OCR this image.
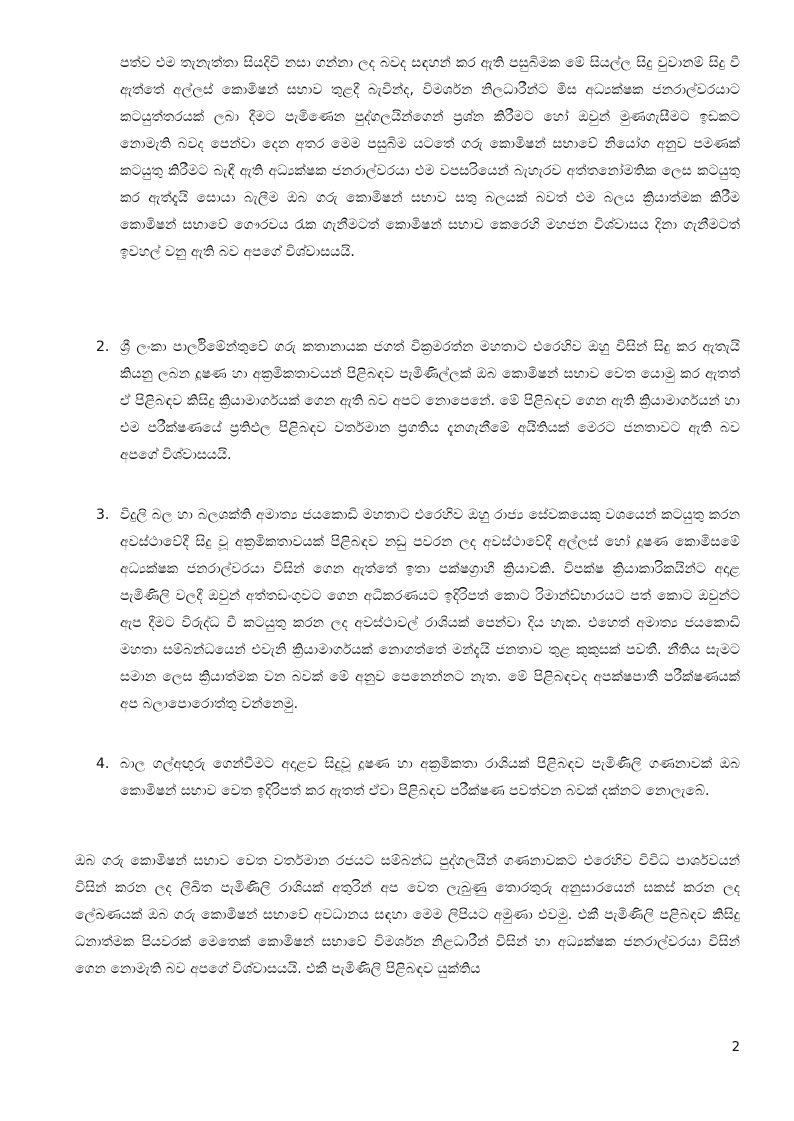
පත්ව එම තැනැත්තා සියදිවි නසා ගන්නා ලද බවද සඳහන් කර ඇති පසුබිමක මේ සියල්ල සිදු වුවානම් සිදු වී ඇත්තේ අල්ලස් කොමිෂන් සභාව තුළදී බැවින්ද, විමර්ශන නිලධාරීන්ට මිස අධ්‍යක්ෂක ජනරාල්වරයාට කටයුත්තරයක් ලබා දීමට පැමිණෙන පුද්ගලයින්ගෙන් ප්‍රශ්න කිරීමට හෝ ඔවුන් මුණගැසීමට ඉඩකට නොමැති බවද පෙන්වා දෙන අතර මෙම පසුබිම යටතේ ගරු කොමිෂන් සභාවේ නියෝග අනුව පමණක් කටයුතු කිරීමට බැඳී ඇති අධ්‍යක්ෂක ජනරාල්වරයා එම වපසරියෙන් බැහැරව අත්තනෝමතික ලෙස කටයුතු කර ඇත්දැයි සොයා බැලීම ඔබ ගරු කොමිෂන් සභාව සතු බලයක් බවත් එම බලය ක්‍රියාත්මක කිරීම කොමිෂන් සභාවේ ගෞරවය රැක ගැනීමටත් කොමිෂන් සභාව කෙරෙහි මහජන විශ්වාසය දිනා ගැනීමටත් ඉවහල් වනු ඇති බව අපගේ විශ්වාසයයි.

2. ශ්‍රී ලංකා පාර්ලිමේන්තුවේ ගරු කතානායක ජගත් වික්‍රමරත්න මහතාට එරෙහිව ඔහු විසින් සිදු කර ඇතැයි කියනු ලබන දූෂණ හා අක්‍රමිකතාවයන් පිළිබඳව පැමිණිල්ලක් ඔබ කොමිෂන් සභාව වෙත යොමු කර ඇතත් ඒ පිළිබඳව කිසිදු ක්‍රියාමාර්ගයක් ගෙන ඇති බව අපට නොපෙනේ. මේ පිළිබඳව ගෙන ඇති ක්‍රියාමාර්ගයන් හා එම පරීක්ෂණයේ ප්‍රතිඵල පිළිබඳව වර්තමාන ප්‍රගතිය දැනගැනීමේ අයිතියක් මෙරට ජනතාවට ඇති බව අපගේ විශ්වාසයයි.

3. විදුලි බල හා බලශක්ති අමාත්‍ය ජයකොඩි මහතාට එරෙහිව ඔහු රාජ්‍ය සේවකයෙකු වශයෙන් කටයුතු කරන අවස්ථාවේදී සිදු වූ අක්‍රමිකතාවයක් පිළිබඳව නඩු පවරන ලද අවස්ථාවේදී අල්ලස් හෝ දූෂණ කොමිසමේ අධ්‍යක්ෂක ජනරාල්වරයා විසින් ගෙන ඇත්තේ ඉතා පක්ෂග්‍රාහී ක්‍රියාවකි. විපක්ෂ ක්‍රියාකාරිකයින්ට අදාළ පැමිණිලි වලදී ඔවුන් අත්තඩංගුවට ගෙන අධිකරණයට ඉදිරිපත් කොට රිමාන්ඩ්භාරයට පත් කොට ඔවුන්ට ඇප දීමට විරුද්ධ වී කටයුතු කරන ලද අවස්ථාවල් රාශියක් පෙන්වා දිය හැක. එහෙත් අමාත්‍ය ජයකොඩි මහතා සම්බන්ධයෙන් එවැනි ක්‍රියාමාර්ගයක් නොගත්තේ මන්දැයි ජනතාව තුළ කුකුසක් පවතී. නීතිය සැමට සමාන ලෙස ක්‍රියාත්මක වන බවක් මේ අනුව පෙනෙන්නට නැත. මේ පිළිබඳවද අපක්ෂපාතී පරීක්ෂණයක් අප බලාපොරොත්තු වන්නෙමු.

4. බාල ගල්අඟුරු ගෙන්වීමට අදාළව සිදුවූ දූෂණ හා අක්‍රමිකතා රාශියක් පිළිබඳව පැමිණිලි ගණනාවක් ඔබ කොමිෂන් සභාව වෙත ඉදිරිපත් කර ඇතත් ඒවා පිළිබඳව පරීක්ෂණ පවත්වන බවක් දක්නට නොලැබේ.

ඔබ ගරු කොමිෂන් සභාව වෙත වර්තමාන රජයට සම්බන්ධ පුද්ගලයින් ගණනාවකට එරෙහිව විවිධ පාර්ශවයන් විසින් කරන ලද ලිඛිත පැමිණිලි රාශියක් අතුරින් අප වෙත ලැබුණු තොරතුරු අනුසාරයෙන් සකස් කරන ලද ලේඛණයක් ඔබ ගරු කොමිෂන් සභාවේ අවධානය සඳහා මෙම ලිපියට අමුණා එවමු. එකී පැමිණිලි පළිබඳව කිසිදු ධනාත්මක පියවරක් මෙතෙක් කොමිෂන් සභාවේ විමර්ශන නිළධාරීන් විසින් හා අධ්‍යක්ෂක ජනරාල්වරයා විසින් ගෙන නොමැති බව අපගේ විශ්වාසයයි. එකී පැමිණිලි පිළිබඳව යුක්තිය

2
